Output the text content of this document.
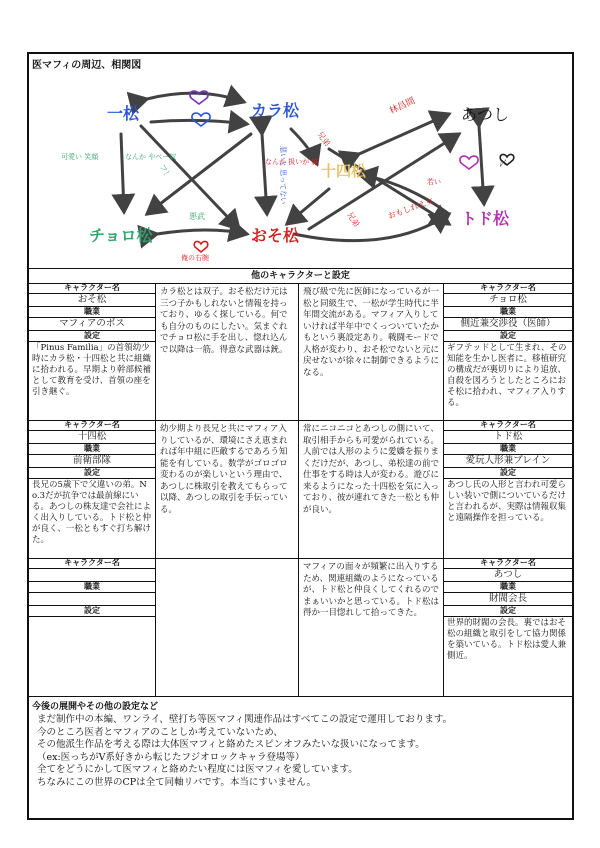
医マフィの周辺、相関図
一松	カラ松	あつし
十四松
チョロ松	おそ松
トド松
悪武
俺の右腕
林昌間
兄弟
おもしれえ女
兄弟
若い
フ！
可愛い 笑顔	なんか やべー奴
なんか 扱いが 雑
悪いと 思ってない	〆
他のキャラクターと設定
キャラクター名
おそ松
職業
マフィアのボス
設定
「Pinus Familia」の首領幼少時にカラ松・十四松と共に組織に拾われる。早期より幹部候補として教育を受け、首領の座を引き継ぐ。
カラ松とは双子。おそ松だけ元は三つ子かもしれないと情報を持っており、ゆるく探している。何でも自分のものにしたい。気まぐれでチョロ松に手を出し、惚れ込んで以降は一筋。得意な武器は銃。
飛び級で先に医師になっているが一松と同級生で、一松が学生時代に半年間交流がある。マフィア入りしていければ半年中でくっついていたかもという裏設定あり。戦闘モードで人格が変わり、おそ松でないと元に戻せないが徐々に制御できるようになる。
キャラクター名
チョロ松
職業
側近兼交渉役（医師）
設定
ギフテッドとして生まれ、その知能を生かし医者に。移植研究の構成だが裏切りにより追放、自殺を図ろうとしたところにおそ松に拾われ、マフィア入りする。
キャラクター名
十四松
職業
前衛部隊
設定
長兄の5歳下で父違いの弟。No.3だが抗争では最前線にいる。あつしの株友達で会社によく出入りしている。トド松と仲が良く、一松ともすぐ打ち解けた。
幼少期より長兄と共にマフィア入りしているが、環境にさえ恵まれれば年中組に匹敵するであろう知能を有している。数学がゴロゴロ変わるのが楽しいという理由で、あつしに株取引を教えてもらって以降、あつしの取引を手伝っている。
常にニコニコとあつしの側にいて、取引相手からも可愛がられている。人前では人形のように愛嬌を振りまくだけだが、あつし、弟松達の前で仕事をする時は人が変わる。遊びに来るようになった十四松を気に入っており、彼が連れてきた一松とも仲が良い。
キャラクター名
トド松
職業
愛玩人形兼ブレイン
設定
あつし氏の人形と言われ可愛らしい装いで側についているだけと言われるが、実際は情報収集と遠隔操作を担っている。
キャラクター名
職業
設定
マフィアの面々が頻繁に出入りするため、関連組織のようになっているが、トド松と仲良くしてくれるのでまぁいいかと思っている。トド松は得か一目惚れして拾ってきた。
キャラクター名
あつし
職業
財閥会長
設定
世界的財閥の会長。裏ではおそ松の組織と取引をして協力関係を築いている。トド松は愛人兼側近。
今後の展開やその他の設定など
まだ制作中の本編、ワンライ、壁打ち等医マフィ関連作品はすべてこの設定で運用しております。
今のところ医者とマフィアのことしか考えていないため、
その他派生作品を考える際は大体医マフィと絡めたスピンオフみたいな扱いになってます。
（ex:医っちがV系好きから転じたフジオロックキャラ登場等）
全てをどうにかして医マフィと絡めたい程度には医マフィを愛しています。
ちなみにこの世界のCPは全て同軸リバです。本当にすいません。
